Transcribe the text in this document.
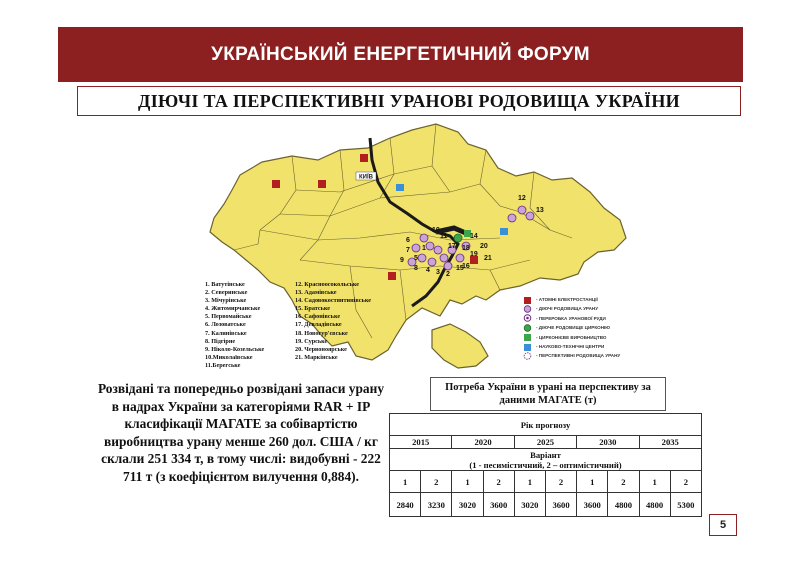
УКРАЇНСЬКИЙ ЕНЕРГЕТИЧНИЙ ФОРУМ
ДІЮЧІ ТА ПЕРСПЕКТИВНІ УРАНОВІ РОДОВИЩА УКРАЇНИ
КИЇВ
12
13
10
11	14
6
7
8
5
4 3 2
1
9
15
16
17 18
19
20
21
1. Ватутінське
2. Северинське
3. Мічурінське
4. Житомирчанське
5. Первомайське
6. Лозоватське
7. Калинівське
8. Підгірне
9. Ніколо-Козельське
10.Миколаївське
11.Берегське
12. Красноосокольське
13. Адамівське
14. Садовокостянтинівське
15. Братське
16. Сафонівське
17. Девладівське
18. Новогур'євське
19. Сурське
20. Червоноярське
21. Маркінське
- АТОМНІ ЕЛЕКТРОСТАНЦІЇ
- ДІЮЧІ РОДОВИЩА УРАНУ
- ПЕРЕРОБКА УРАНОВОЇ РУДИ
- ДІЮЧЕ РОДОВИЩЕ ЦИРКОНІЮ
- ЦИРКОНІЄВЕ ВИРОБНИЦТВО
- НАУКОВО-ТЕХНІЧНІ ЦЕНТРИ
- ПЕРСПЕКТИВНІ РОДОВИЩА УРАНУ
Розвідані та попередньо розвідані запаси урану в надрах України за категоріями RAR + IP класифікації МАГАТЕ за собівартістю виробництва урану менше 260 дол. США / кг склали 251 334 т, в тому числі: видобувні - 222 711 т (з коефіцієнтом вилучення 0,884).
Потреба України в урані на перспективу за даними МАГАТЕ (т)
Рік прогнозу									
2015		2020		2025		2030		2035	

Варіант
(1 - песимістичний, 2 – оптимістичний)									

1	2	1	2	1	2	1	2	1	2
2840	3230	3020	3600	3020	3600	3600	4800	4800	5300
5
